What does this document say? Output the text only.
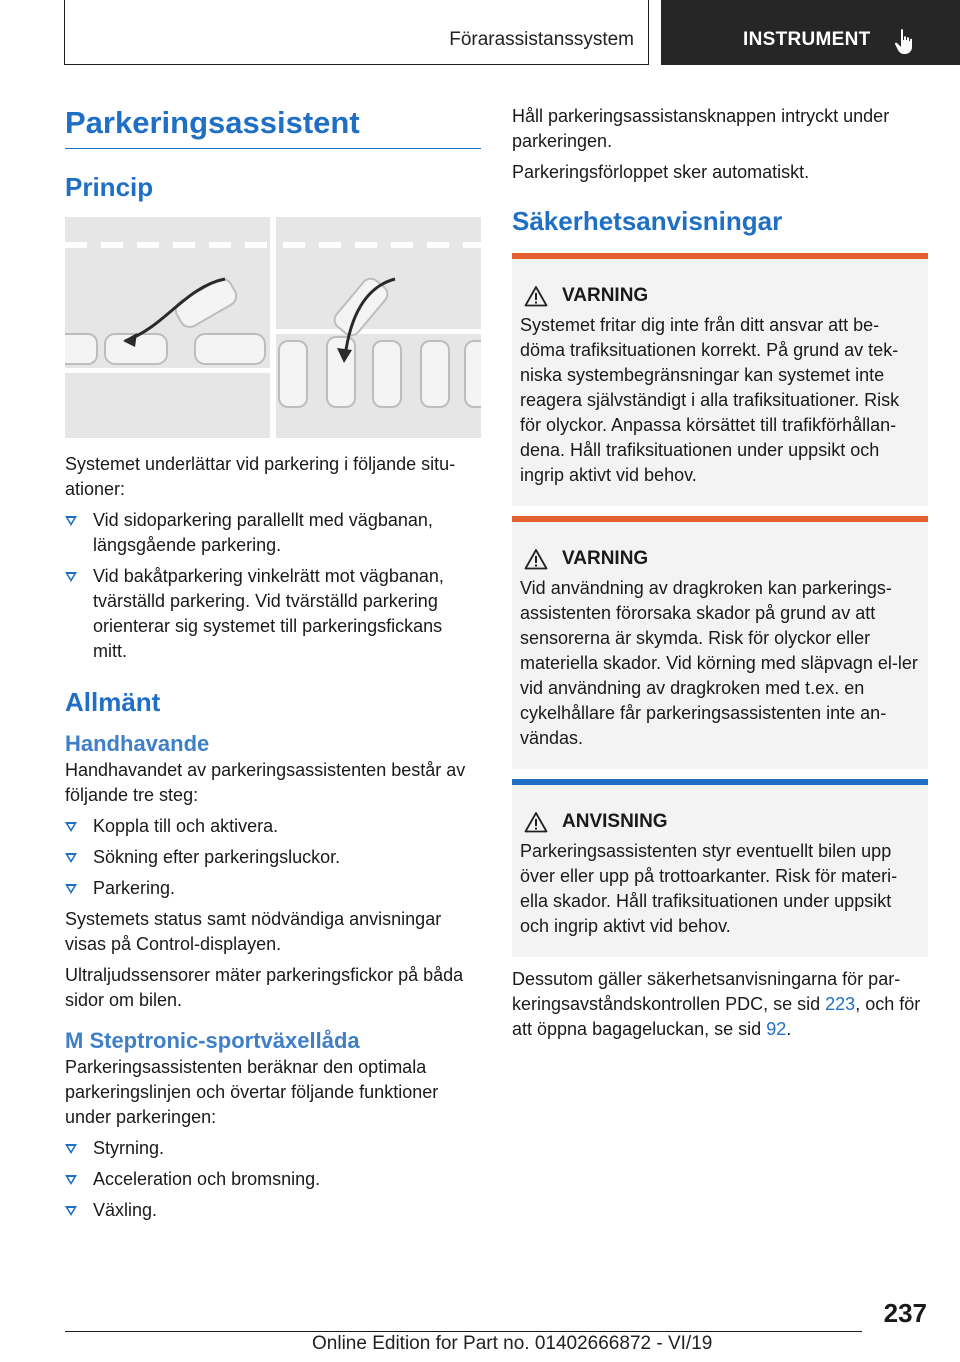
Förarassistanssystem	INSTRUMENT
Parkeringsassistent
Princip
Systemet underlättar vid parkering i följande situ‐ationer:
Vid sidoparkering parallellt med vägbanan, längsgående parkering.
Vid bakåtparkering vinkelrätt mot vägbanan, tvärställd parkering. Vid tvärställd parkering orienterar sig systemet till parkeringsfickans mitt.
Allmänt
Handhavande
Handhavandet av parkeringsassistenten består av följande tre steg:
Koppla till och aktivera.
Sökning efter parkeringsluckor.
Parkering.
Systemets status samt nödvändiga anvisningar visas på Control-displayen.
Ultraljudssensorer mäter parkeringsfickor på båda sidor om bilen.
M Steptronic-sportväxellåda
Parkeringsassistenten beräknar den optimala parkeringslinjen och övertar följande funktioner under parkeringen:
Styrning.
Acceleration och bromsning.
Växling.
Håll parkeringsassistansknappen intryckt under parkeringen.
Parkeringsförloppet sker automatiskt.
Säkerhetsanvisningar
VARNING
Systemet fritar dig inte från ditt ansvar att be‐döma trafiksituationen korrekt. På grund av tek‐niska systembegränsningar kan systemet inte reagera självständigt i alla trafiksituationer. Risk för olyckor. Anpassa körsättet till trafikförhållan‐dena. Håll trafiksituationen under uppsikt och ingrip aktivt vid behov.
VARNING
Vid användning av dragkroken kan parkerings‐assistenten förorsaka skador på grund av att sensorerna är skymda. Risk för olyckor eller materiella skador. Vid körning med släpvagn el‐ler vid användning av dragkroken med t.ex. en cykelhållare får parkeringsassistenten inte an‐vändas.
ANVISNING
Parkeringsassistenten styr eventuellt bilen upp över eller upp på trottoarkanter. Risk för materi‐ella skador. Håll trafiksituationen under uppsikt och ingrip aktivt vid behov.
Dessutom gäller säkerhetsanvisningarna för par‐keringsavståndskontrollen PDC, se sid 223, och för att öppna bagageluckan, se sid 92.
237
Online Edition for Part no. 01402666872 - VI/19
